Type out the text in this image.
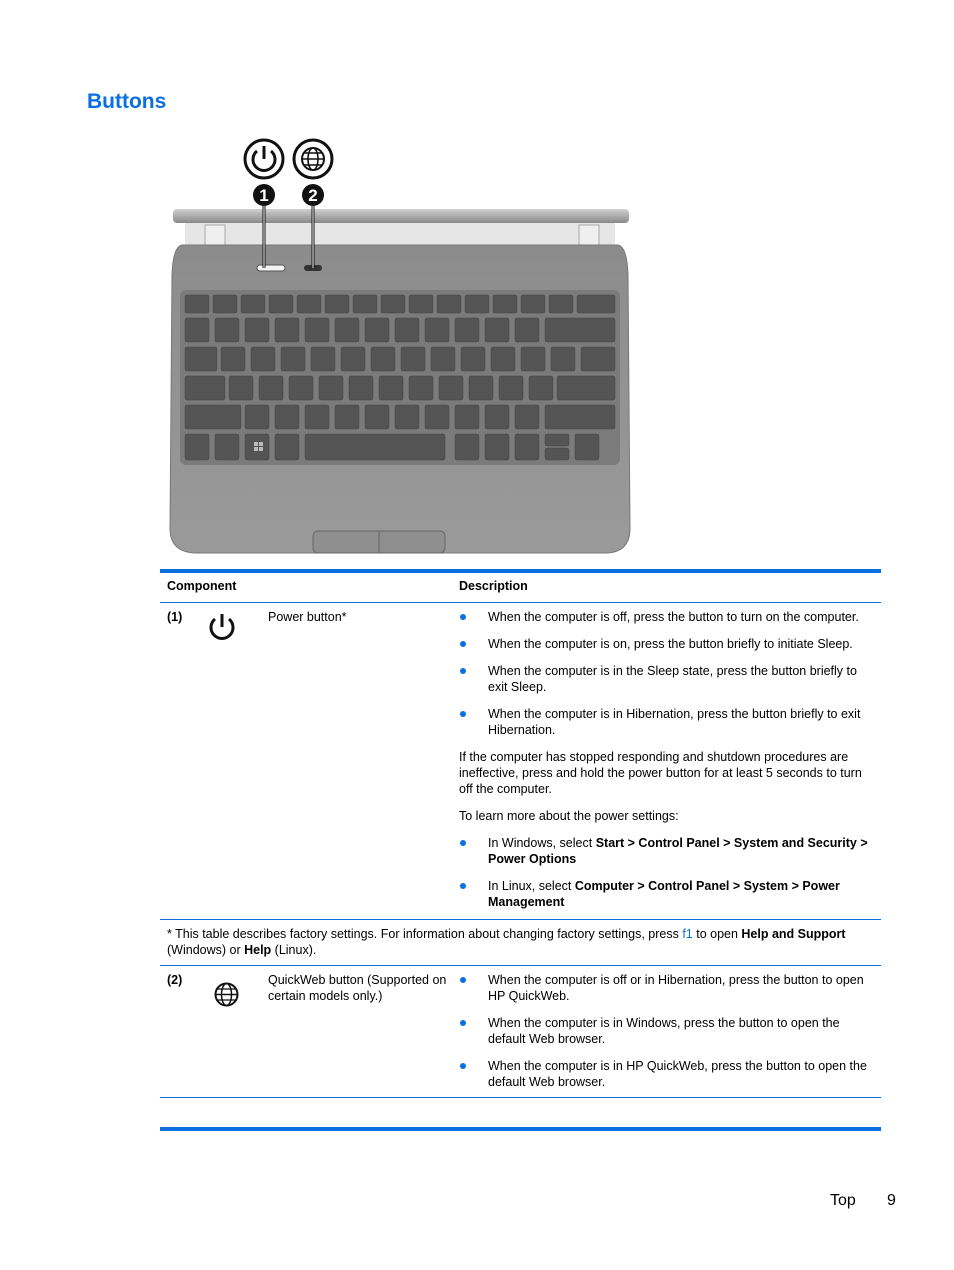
Buttons
1 2
Component	Description
(1)	Power button*	When the computer is off, press the button to turn on the computer.
When the computer is on, press the button briefly to initiate Sleep.
When the computer is in the Sleep state, press the button briefly to exit Sleep.
When the computer is in Hibernation, press the button briefly to exit Hibernation.

If the computer has stopped responding and shutdown procedures are ineffective, press and hold the power button for at least 5 seconds to turn off the computer.

To learn more about the power settings:

In Windows, select Start > Control Panel > System and Security > Power Options
In Linux, select Computer > Control Panel > System > Power Management
* This table describes factory settings. For information about changing factory settings, press f1 to open Help and Support (Windows) or Help (Linux).
(2)	QuickWeb button (Supported on certain models only.)
When the computer is off or in Hibernation, press the button to open HP QuickWeb.
When the computer is in Windows, press the button to open the default Web browser.
When the computer is in HP QuickWeb, press the button to open the default Web browser.
Top 9
